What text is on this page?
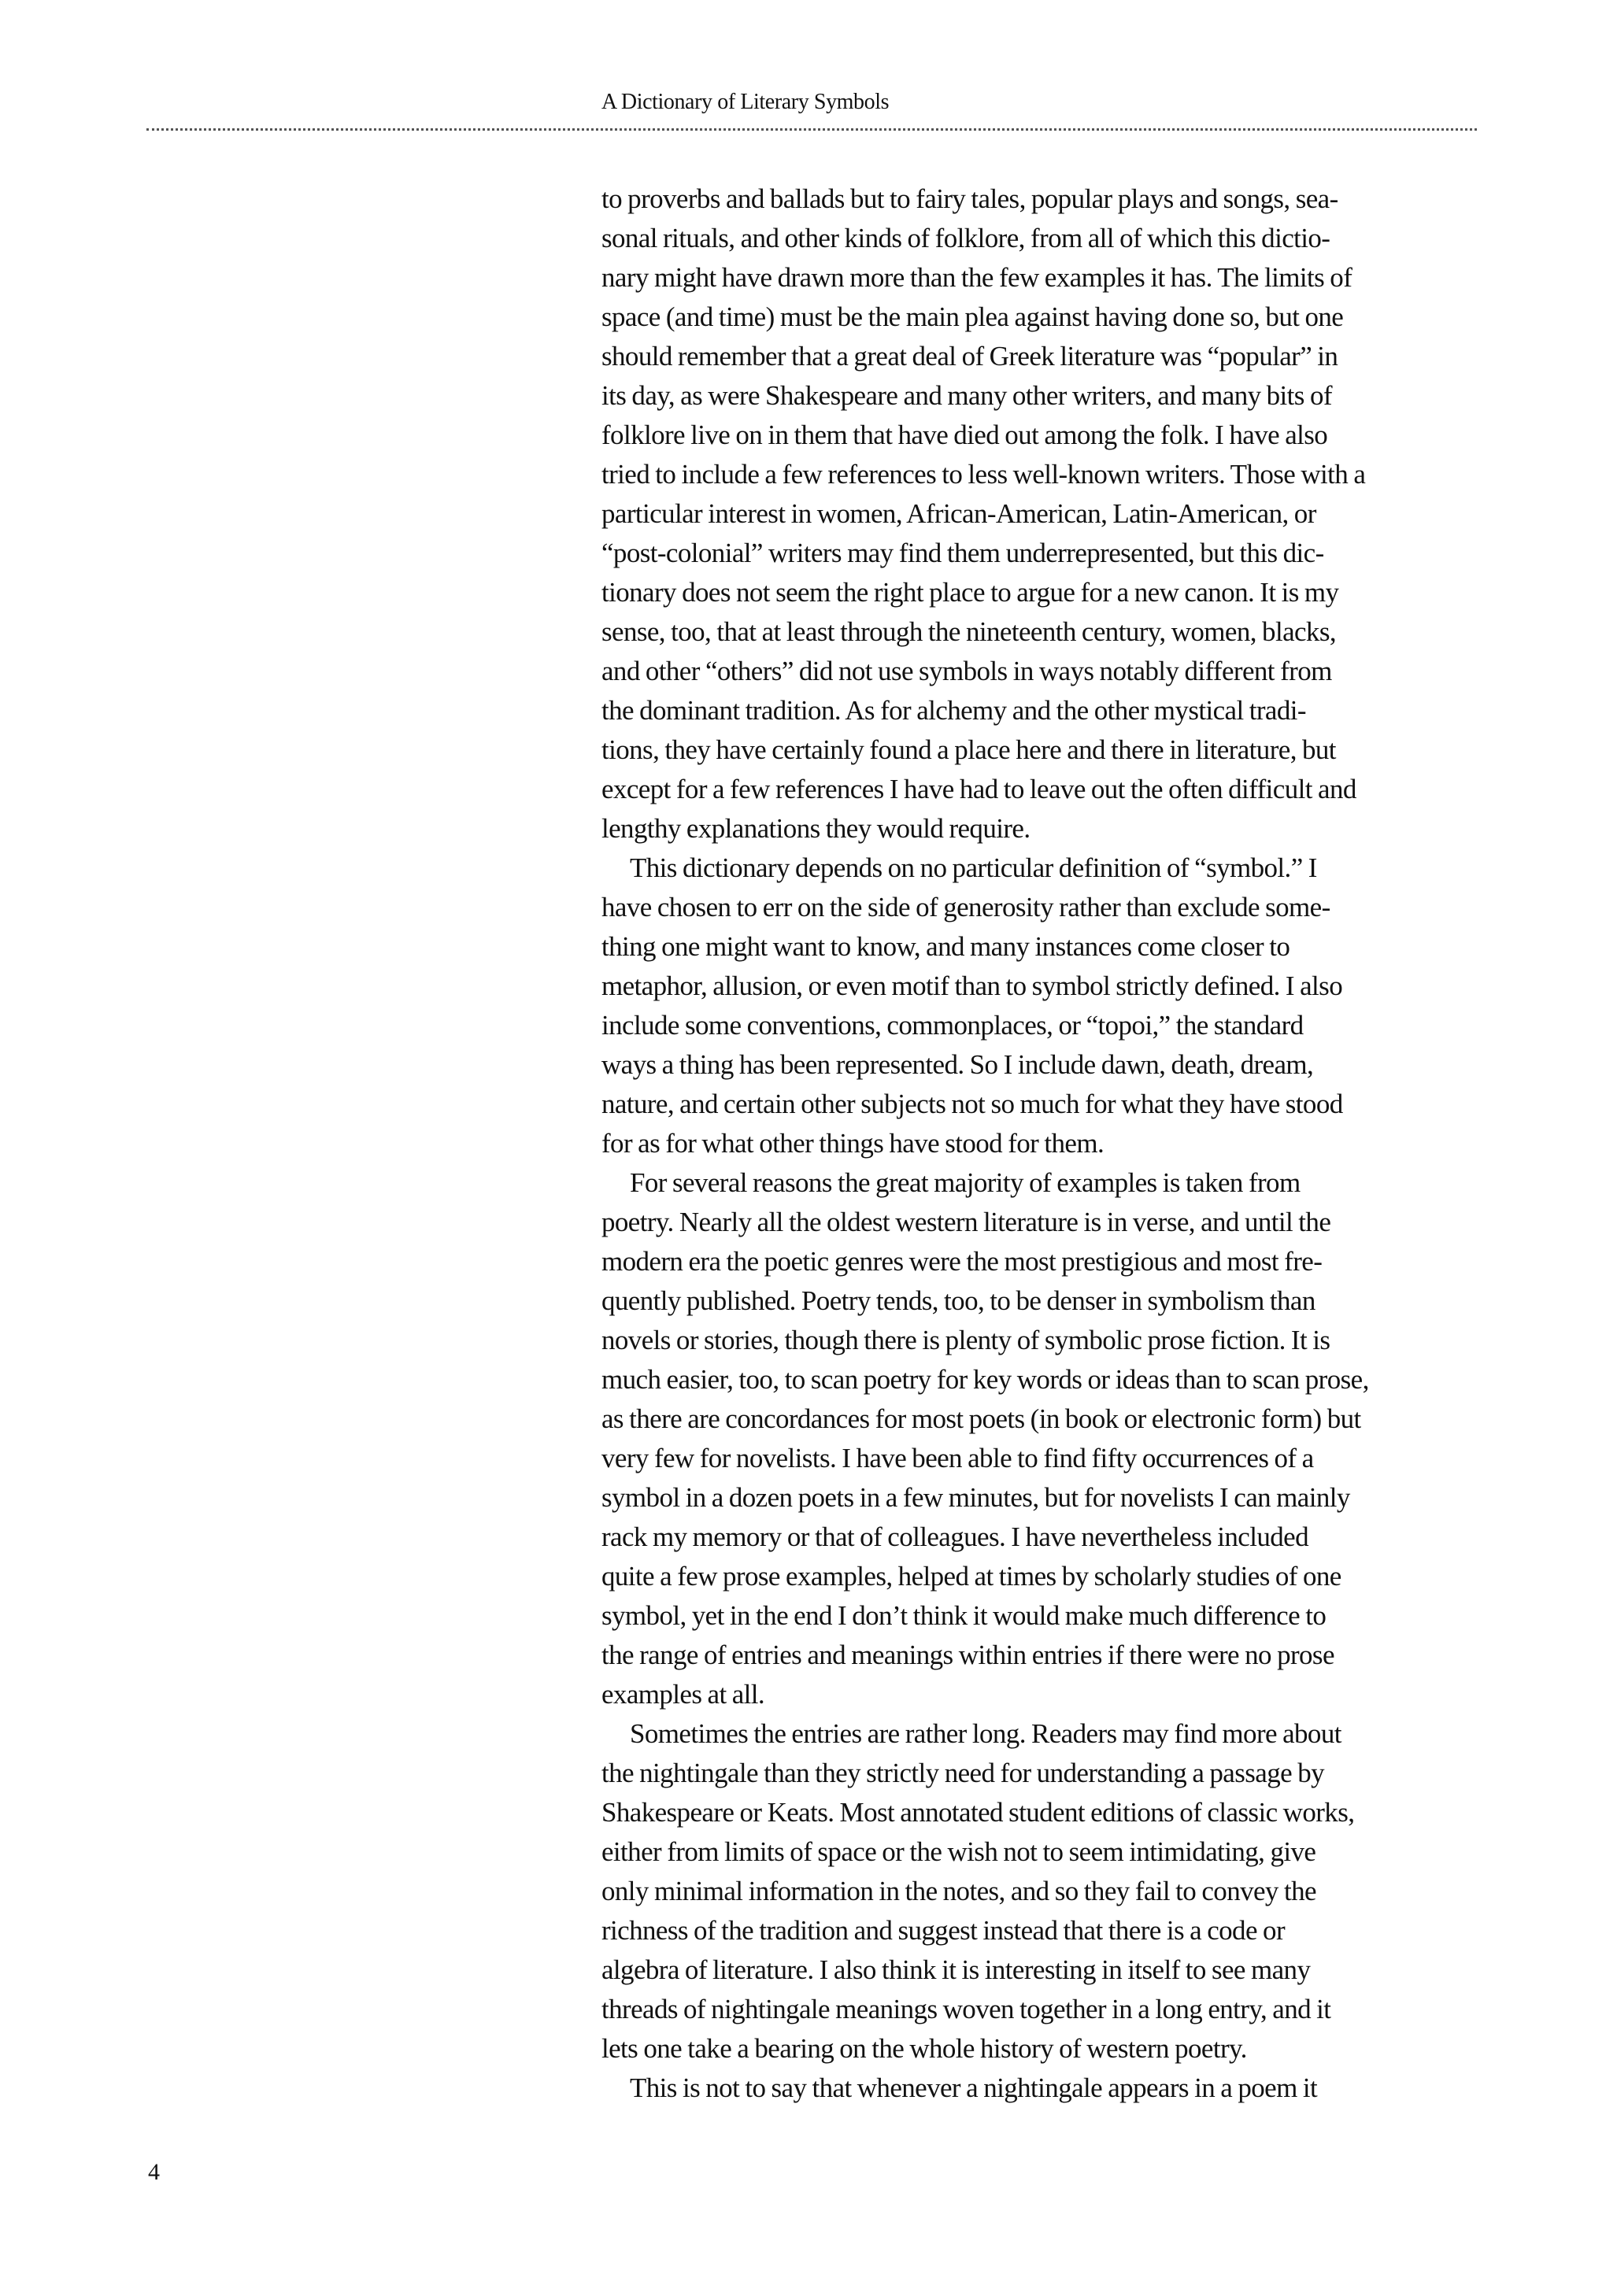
A Dictionary of Literary Symbols
to proverbs and ballads but to fairy tales, popular plays and songs, sea-
sonal rituals, and other kinds of folklore, from all of which this dictio-
nary might have drawn more than the few examples it has. The limits of
space (and time) must be the main plea against having done so, but one
should remember that a great deal of Greek literature was “popular” in
its day, as were Shakespeare and many other writers, and many bits of
folklore live on in them that have died out among the folk. I have also
tried to include a few references to less well-known writers. Those with a
particular interest in women, African-American, Latin-American, or
“post-colonial” writers may find them underrepresented, but this dic-
tionary does not seem the right place to argue for a new canon. It is my
sense, too, that at least through the nineteenth century, women, blacks,
and other “others” did not use symbols in ways notably different from
the dominant tradition. As for alchemy and the other mystical tradi-
tions, they have certainly found a place here and there in literature, but
except for a few references I have had to leave out the often difficult and
lengthy explanations they would require.
This dictionary depends on no particular definition of “symbol.” I
have chosen to err on the side of generosity rather than exclude some-
thing one might want to know, and many instances come closer to
metaphor, allusion, or even motif than to symbol strictly defined. I also
include some conventions, commonplaces, or “topoi,” the standard
ways a thing has been represented. So I include dawn, death, dream,
nature, and certain other subjects not so much for what they have stood
for as for what other things have stood for them.
For several reasons the great majority of examples is taken from
poetry. Nearly all the oldest western literature is in verse, and until the
modern era the poetic genres were the most prestigious and most fre-
quently published. Poetry tends, too, to be denser in symbolism than
novels or stories, though there is plenty of symbolic prose fiction. It is
much easier, too, to scan poetry for key words or ideas than to scan prose,
as there are concordances for most poets (in book or electronic form) but
very few for novelists. I have been able to find fifty occurrences of a
symbol in a dozen poets in a few minutes, but for novelists I can mainly
rack my memory or that of colleagues. I have nevertheless included
quite a few prose examples, helped at times by scholarly studies of one
symbol, yet in the end I don’t think it would make much difference to
the range of entries and meanings within entries if there were no prose
examples at all.
Sometimes the entries are rather long. Readers may find more about
the nightingale than they strictly need for understanding a passage by
Shakespeare or Keats. Most annotated student editions of classic works,
either from limits of space or the wish not to seem intimidating, give
only minimal information in the notes, and so they fail to convey the
richness of the tradition and suggest instead that there is a code or
algebra of literature. I also think it is interesting in itself to see many
threads of nightingale meanings woven together in a long entry, and it
lets one take a bearing on the whole history of western poetry.
This is not to say that whenever a nightingale appears in a poem it
4
